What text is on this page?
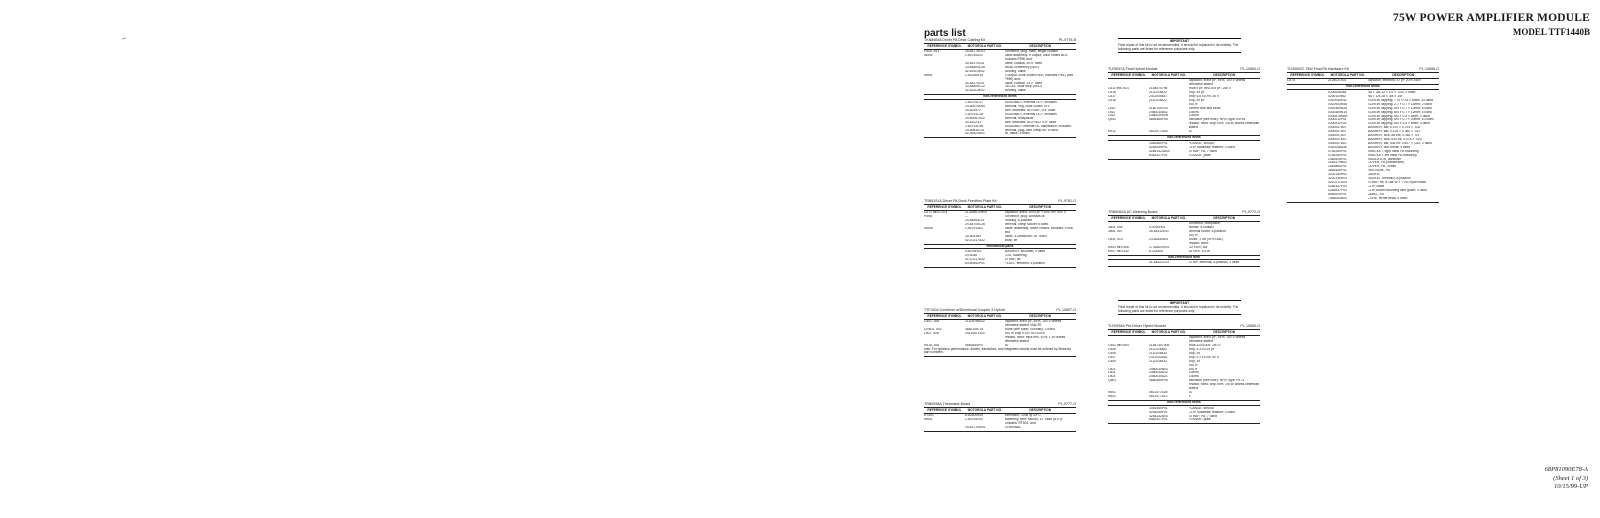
75W POWER AMPLIFIER MODULE
MODEL TTF1440B
parts list
IMPORTANT
Field repair of this kit is not recommended. It should be replaced in its entirety. The following parts are listed for reference purposes only.
IMPORTANT
Field repair of this kit is not recommended. It should be replaced in its entirety. The following parts are listed for reference purposes only.
TKN8405A Driver PA Deck Cabling Kit	PL-9776-B
REFERENCE SYMBOL	MOTOROLA PART NO.	DESCRIPTION
P506, 591	28-84775C01	connector, plug: male, single contact
W590	1-80754310	cable assembly: rf output, color coded BLK; includes P590 and:
30-84175101	cable, coaxial; 30.5" used
33-84805C06	decal, coherency (BLK)
42-83113K02	bushing, cable
W591	1-80150E34	rf output, color coded RED; includes P591 (see P590) and:
30-84175101	cable, coaxial; 13.2" used
33-84805C12	DECAL, color strip (RED)
42-83113K02	bushing, cable
non-referenced items
1-80791C27	ASSEMBLY, external DC+; includes
29-80079E65	terminal, ring, color coded YEL
30-831572	wire, stranded, #10 BLK; 9.5" used
1-80791C28	ASSEMBLY, external DC+; includes
29-80087K02	terminal, receptacle
30-831233	wire, stranded, #10 RED; 9.5" used
1-80793C96	ASSEMBLY, internal DC distribution; includes:
29-80616701	terminal, plug, wire crimp-on; 5 used
42-05424A01	tie, cable; 4 used
TRN5191A Driver PA Deck Feedthru Plate Kit	PL-9761-O
REFERENCE SYMBOL	MOTOROLA PART NO.	DESCRIPTION
C571 thru C574	21-828012H03	capacitor, fixed: 1000 pF +100/-0%, 500 V
P598	---	connector, plug: consists of:
15-84853L01	housing, 6-position
29-84705C26	terminal, crimp socket; 6 used
W598	1-80791363	cable, assembly: driver control; includes: P598, and
30-804159	cable, 4-conductor; 16" used
42-10217A32	strap, tie
mechanical parts
4-8076H31	WASHER, shoulder; 4 used
29-5046	LUG, soldering
42-10217A32	STRAP, tie
64-80542P01	PLATE, feedthru; 4-position
TTF4404 Combiner w/Directional Coupler 3 Hybrid	PL-10697-O
REFERENCE SYMBOL	MOTOROLA PART NO.	DESCRIPTION
C501, 528	21116796032	capacitor, fixed: pF, ±5%, 100 V unless otherwise stated: chip 39
CR501, 502	4882106731	diode (see note): Schottky; 2 used
L507, 508	24110674110	coil, rf: chip 0.047 uH ±20%
resistor, fixed: thick film, ±2%; 1 W unless otherwise stated:
R515, 516	0662854P07	50
note: For optimum performance, diodes, transistors, and integrated circuits must be ordered by Motorola part numbers.
TRN5298A Thermistor Board	PL-9777-O
REFERENCE SYMBOL	MOTOROLA PART NO.	DESCRIPTION
RT501	6-82600K05	thermistor: 100k @ 25°C
W501	1-80753293	assembly, wire: sensor, 11" used (BTH); includes: RT501, and
29-82710M31	TERMINAL
TLF6937A Final Hybrid Module	PL-10664-O
REFERENCE SYMBOL	MOTOROLA PART NO.	DESCRIPTION
capacitor, fixed: pF, ±5%, 100 V unless otherwise stated:
C511 thru 514	2184570796	mica 9 pF thru 200 pF; 250 V
C516	2111078822	chip; 39 pF
C517	2311049A17	chip; 6.8 ±10%; 35 V
C518	2111078822	chip; 39 pF
coil, rf:
L510	0180705Y04	formed wire and bead
L511	2460030A02	3-turns
L512	2460030D06	3-turns
Q511	4883485P05	transistor (see note): NPN, type 2SF48
resistor, fixed: chip ±5%; 1/8 W unless otherwise stated:
R512	0611077A26	10
non-referenced items
1583360P01	FLANGE, shroud
4283059P01	CLIP, substrate retainer; 2 used
42841424A04	STRAP, PA; 7 used
6482327P01	FLANGE, plate
TRN5062A DC Metering Board	PL-9772-O
REFERENCE SYMBOL	MOTOROLA PART NO.	DESCRIPTION
connector, receptacle:
J504, 505	0-9230H01	female, 9-contact
J506, 507	28-84412E01	terminal board; 3-position
coil, rf:
L509, 510	24-82630601	choke, 1 uH (SPECIAL)
resistor, fixed:
R501 thru 506	17-82622R04	.02 ±5%; 3W
R507 thru 512	6-104405	2k ±5%; 1/4 W
non-referenced item
31-84422C01	STRIP, terminal; 5-position; 2 used
TLF6936A Pre-Driver Hybrid Module	PL-10665-O
REFERENCE SYMBOL	MOTOROLA PART NO.	DESCRIPTION
capacitor, fixed: pF, ±5%; 100 V unless otherwise stated:
C501 thru 504	21847307006	mica 120/1000; 250 V
C506	2111078861	chip; 3.3 ±0.25 pF
C508	2111078832	chip; 39
C507	2311032A32	chip; 0.1 ±10%; 50 V
C509	2111078832	chip; 39
coil, rf:
L501	2460030B03	coil, rf
L502	2460030A12	3-turns
L503	2460030A21	3-turns
Q501	4880485P05	transistor (see note): NPN, type TH-71
resistor, fixed: chip ±5%; 1/8 W unless otherwise stated:
R501	0611077A26	10
R502	0611077A12	3
non-referenced items
1583360P01	FLANGE, shroud
4283059P01	CLIP, substrate retainer; 2 used
4284142A04	STRAP, PA; 7 used
6482327P01	FLANGE, plate
TLN3092C 75W Final PA Hardware Kit	PL-10696-O
REFERENCE SYMBOL	MOTOROLA PART NO.	DESCRIPTION
C575	2104021901	capacitor, feedthru: 47 pF 20% 250V
non-referenced items
0200008384	NUT, 3/8-32 × 1/2 × .032; 2 used
0200110962	NUT, 1/4-28 × 3/8 × 1/8"
0310050E41	SCREW, tapping; TT3 × 0.5 × 8mm; 33 used
0310943R58	SCREW, tapping; 2.7 × 0.7 × 13mm; 2 used
0302489N28	SCREW, tapping; M4 × 0.7 × 12mm; 6 used
0302489N14	SCREW, tapping; M4 × 0.7 × 12mm; 4 used
0300878M53	SCREW, tapping; M2 × 0.5 × 5mm; 2 used
0300012P01	SCREW, tapping; M4 × 0.7 × 20mm; 10 used
0300912P02	SCREW, tapping; M3 × 0.5 × 5mm; 4 used
0400007807	WASHER, flat; 0.470 × 0.375 × .032
0400007807	WASHER, flat; 0.125 × 0.380 × .027"
0400007807	WASHER, lock; #8 ext; 0.381 × .03"
0400007810	WASHER, lock; #14 int; 0.478 × .025"
0400007810	WASHER, flat; #36 int; 0.507 × .032; 2 used
0410056A36	WASHER, non-metal; 9 used
0782280P01	BRACKET, right hand PA mounting
0782280P02	BRACKET, left hand PA mounting
1483526P01	INSULATOR, adhesive
1583179N02	COVER, PA (transceiver)
1583884P01	COVER, PA, 30mm
2683406P01	HEATSINK, PA
3202140H02	GASKET
3202140H03	GASKET, feedthru; 8-position
4210217A04	STRAP, tie; 8.188 W × 7.25; nylon black
4282307P03	CLIP, cable
4284837P03	CLIP, board mounting wire guide; 4 used
5482005P01	LABEL, PA
7584084B04	CORE, ferrite bead; 4 used
68P81090E78-A
(Sheet 1 of 3)
10/15/99-UP
